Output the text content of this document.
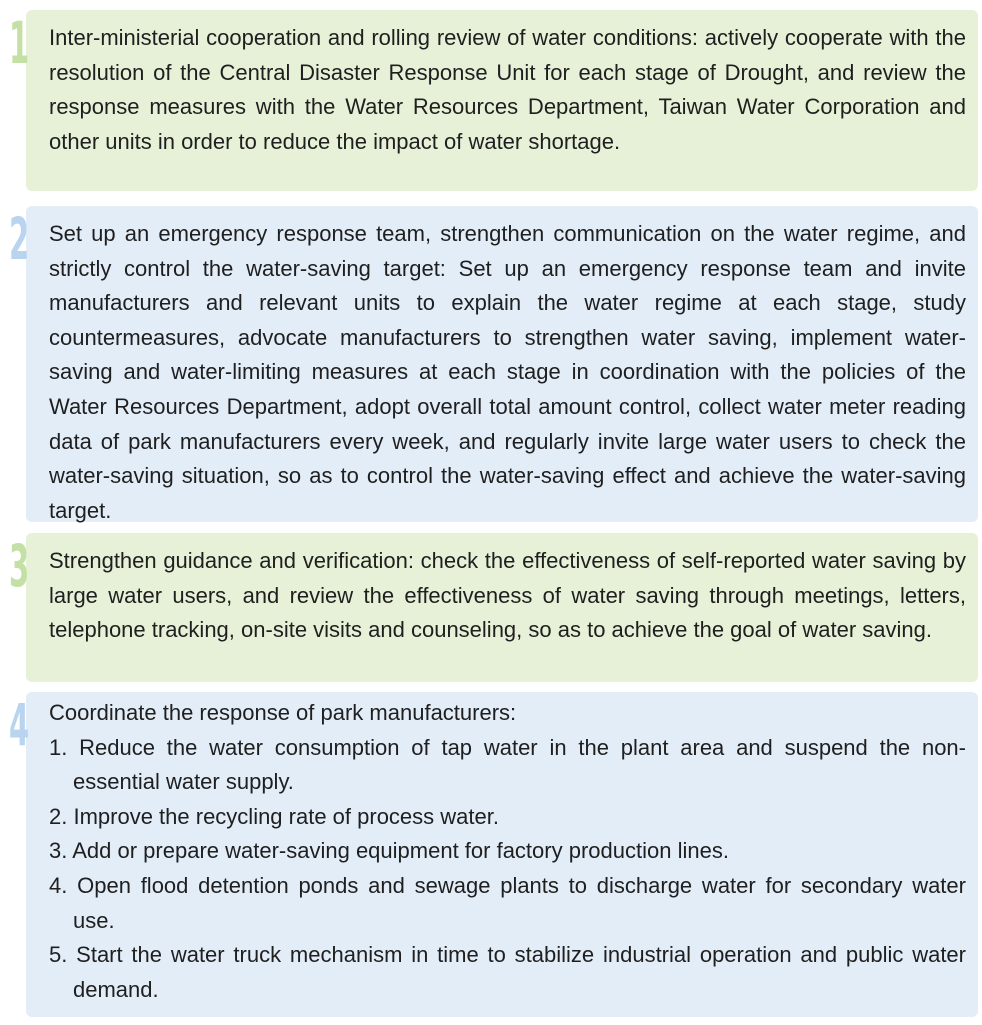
1 Inter-ministerial cooperation and rolling review of water conditions: actively cooperate with the resolution of the Central Disaster Response Unit for each stage of Drought, and review the response measures with the Water Resources Department, Taiwan Water Corporation and other units in order to reduce the impact of water shortage.
2 Set up an emergency response team, strengthen communication on the water regime, and strictly control the water-saving target: Set up an emergency response team and invite manufacturers and relevant units to explain the water regime at each stage, study countermeasures, advocate manufacturers to strengthen water saving, implement water-saving and water-limiting measures at each stage in coordination with the policies of the Water Resources Department, adopt overall total amount control, collect water meter reading data of park manufacturers every week, and regularly invite large water users to check the water-saving situation, so as to control the water-saving effect and achieve the water-saving target.
3 Strengthen guidance and verification: check the effectiveness of self-reported water saving by large water users, and review the effectiveness of water saving through meetings, letters, telephone tracking, on-site visits and counseling, so as to achieve the goal of water saving.
4 Coordinate the response of park manufacturers:
1. Reduce the water consumption of tap water in the plant area and suspend the non-essential water supply.
2. Improve the recycling rate of process water.
3. Add or prepare water-saving equipment for factory production lines.
4. Open flood detention ponds and sewage plants to discharge water for secondary water use.
5. Start the water truck mechanism in time to stabilize industrial operation and public water demand.
